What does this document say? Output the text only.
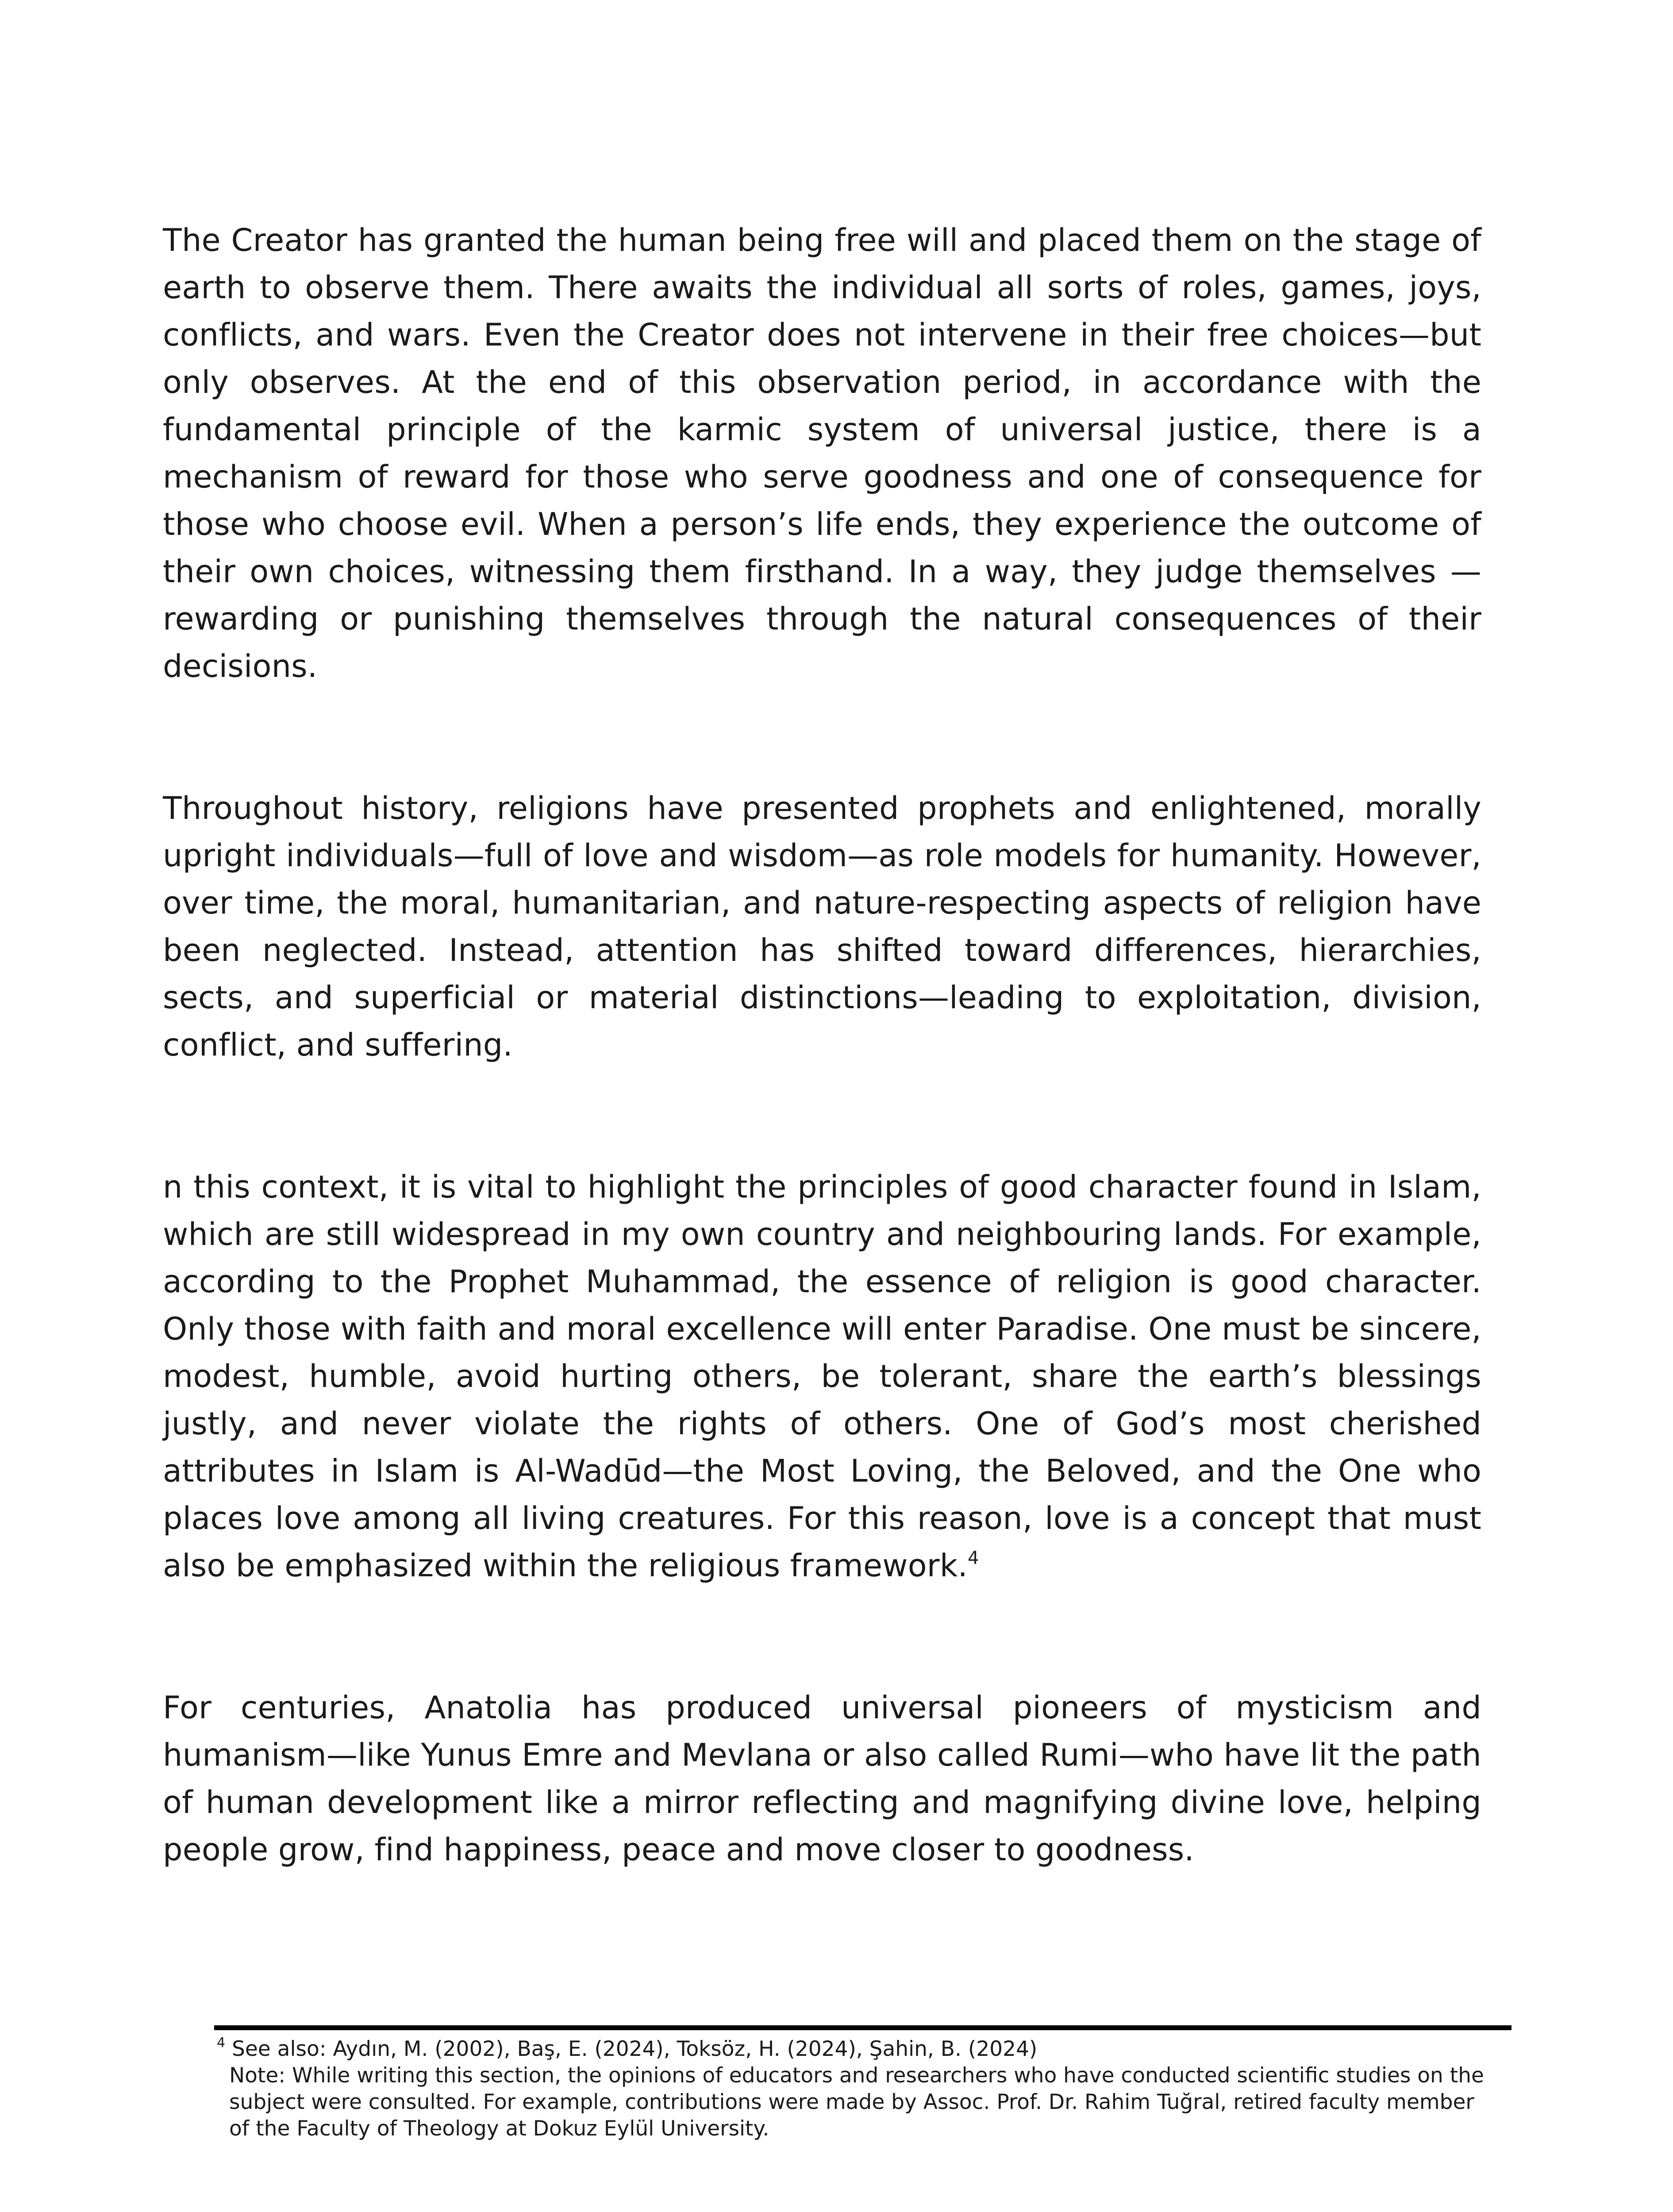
The Creator has granted the human being free will and placed them on the stage of earth to observe them. There awaits the individual all sorts of roles, games, joys, conflicts, and wars. Even the Creator does not intervene in their free choices—but only observes. At the end of this observation period, in accordance with the fundamental principle of the karmic system of universal justice, there is a mechanism of reward for those who serve goodness and one of consequence for those who choose evil. When a person’s life ends, they experience the outcome of their own choices, witnessing them firsthand. In a way, they judge themselves — rewarding or punishing themselves through the natural consequences of their decisions.

Throughout history, religions have presented prophets and enlightened, morally upright individuals—full of love and wisdom—as role models for humanity. However, over time, the moral, humanitarian, and nature-respecting aspects of religion have been neglected. Instead, attention has shifted toward differences, hierarchies, sects, and superficial or material distinctions—leading to exploitation, division, conflict, and suffering.

n this context, it is vital to highlight the principles of good character found in Islam, which are still widespread in my own country and neighbouring lands. For example, according to the Prophet Muhammad, the essence of religion is good character. Only those with faith and moral excellence will enter Paradise. One must be sincere, modest, humble, avoid hurting others, be tolerant, share the earth’s blessings justly, and never violate the rights of others. One of God’s most cherished attributes in Islam is Al-Wadūd—the Most Loving, the Beloved, and the One who places love among all living creatures. For this reason, love is a concept that must also be emphasized within the religious framework.$^4$

For centuries, Anatolia has produced universal pioneers of mysticism and humanism—like Yunus Emre and Mevlana or also called Rumi—who have lit the path of human development like a mirror reflecting and magnifying divine love, helping people grow, find happiness, peace and move closer to goodness.

$^4$ See also: Aydın, M. (2002), Baş, E. (2024), Toksöz, H. (2024), Şahin, B. (2024)

Note: While writing this section, the opinions of educators and researchers who have conducted scientific studies on the subject were consulted. For example, contributions were made by Assoc. Prof. Dr. Rahim Tuğral, retired faculty member of the Faculty of Theology at Dokuz Eylül University.
